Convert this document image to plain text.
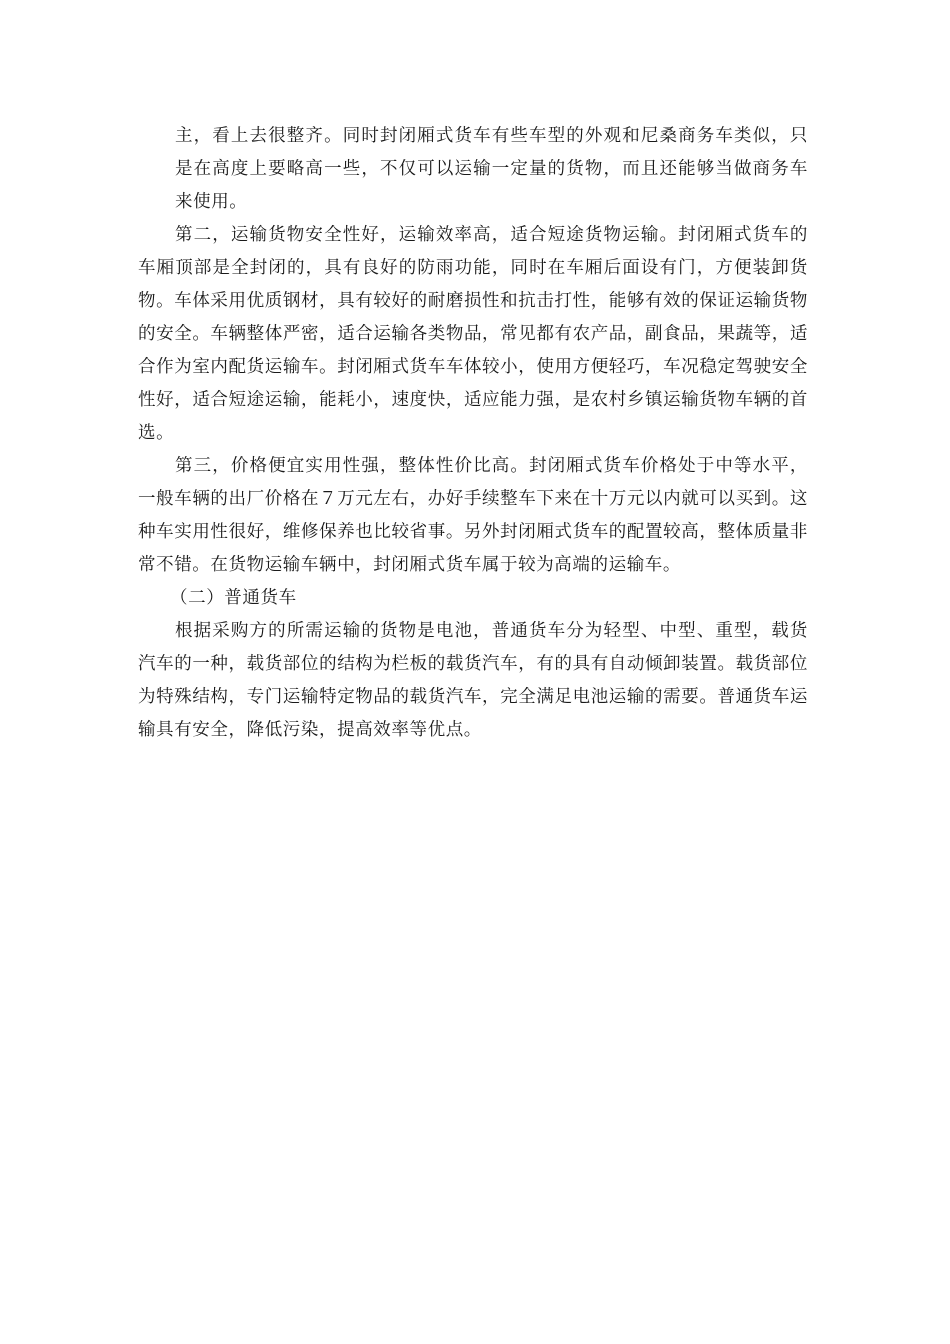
主，看上去很整齐。同时封闭厢式货车有些车型的外观和尼桑商务车类似，只是在高度上要略高一些，不仅可以运输一定量的货物，而且还能够当做商务车来使用。

第二，运输货物安全性好，运输效率高，适合短途货物运输。封闭厢式货车的车厢顶部是全封闭的，具有良好的防雨功能，同时在车厢后面设有门，方便装卸货物。车体采用优质钢材，具有较好的耐磨损性和抗击打性，能够有效的保证运输货物的安全。车辆整体严密，适合运输各类物品，常见都有农产品，副食品，果蔬等，适合作为室内配货运输车。封闭厢式货车车体较小，使用方便轻巧，车况稳定驾驶安全性好，适合短途运输，能耗小，速度快，适应能力强，是农村乡镇运输货物车辆的首选。

第三，价格便宜实用性强，整体性价比高。封闭厢式货车价格处于中等水平，一般车辆的出厂价格在７万元左右，办好手续整车下来在十万元以内就可以买到。这种车实用性很好，维修保养也比较省事。另外封闭厢式货车的配置较高，整体质量非常不错。在货物运输车辆中，封闭厢式货车属于较为高端的运输车。

（二）普通货车

根据采购方的所需运输的货物是电池，普通货车分为轻型、中型、重型，载货汽车的一种，载货部位的结构为栏板的载货汽车，有的具有自动倾卸装置。载货部位为特殊结构，专门运输特定物品的载货汽车，完全满足电池运输的需要。普通货车运输具有安全，降低污染，提高效率等优点。
